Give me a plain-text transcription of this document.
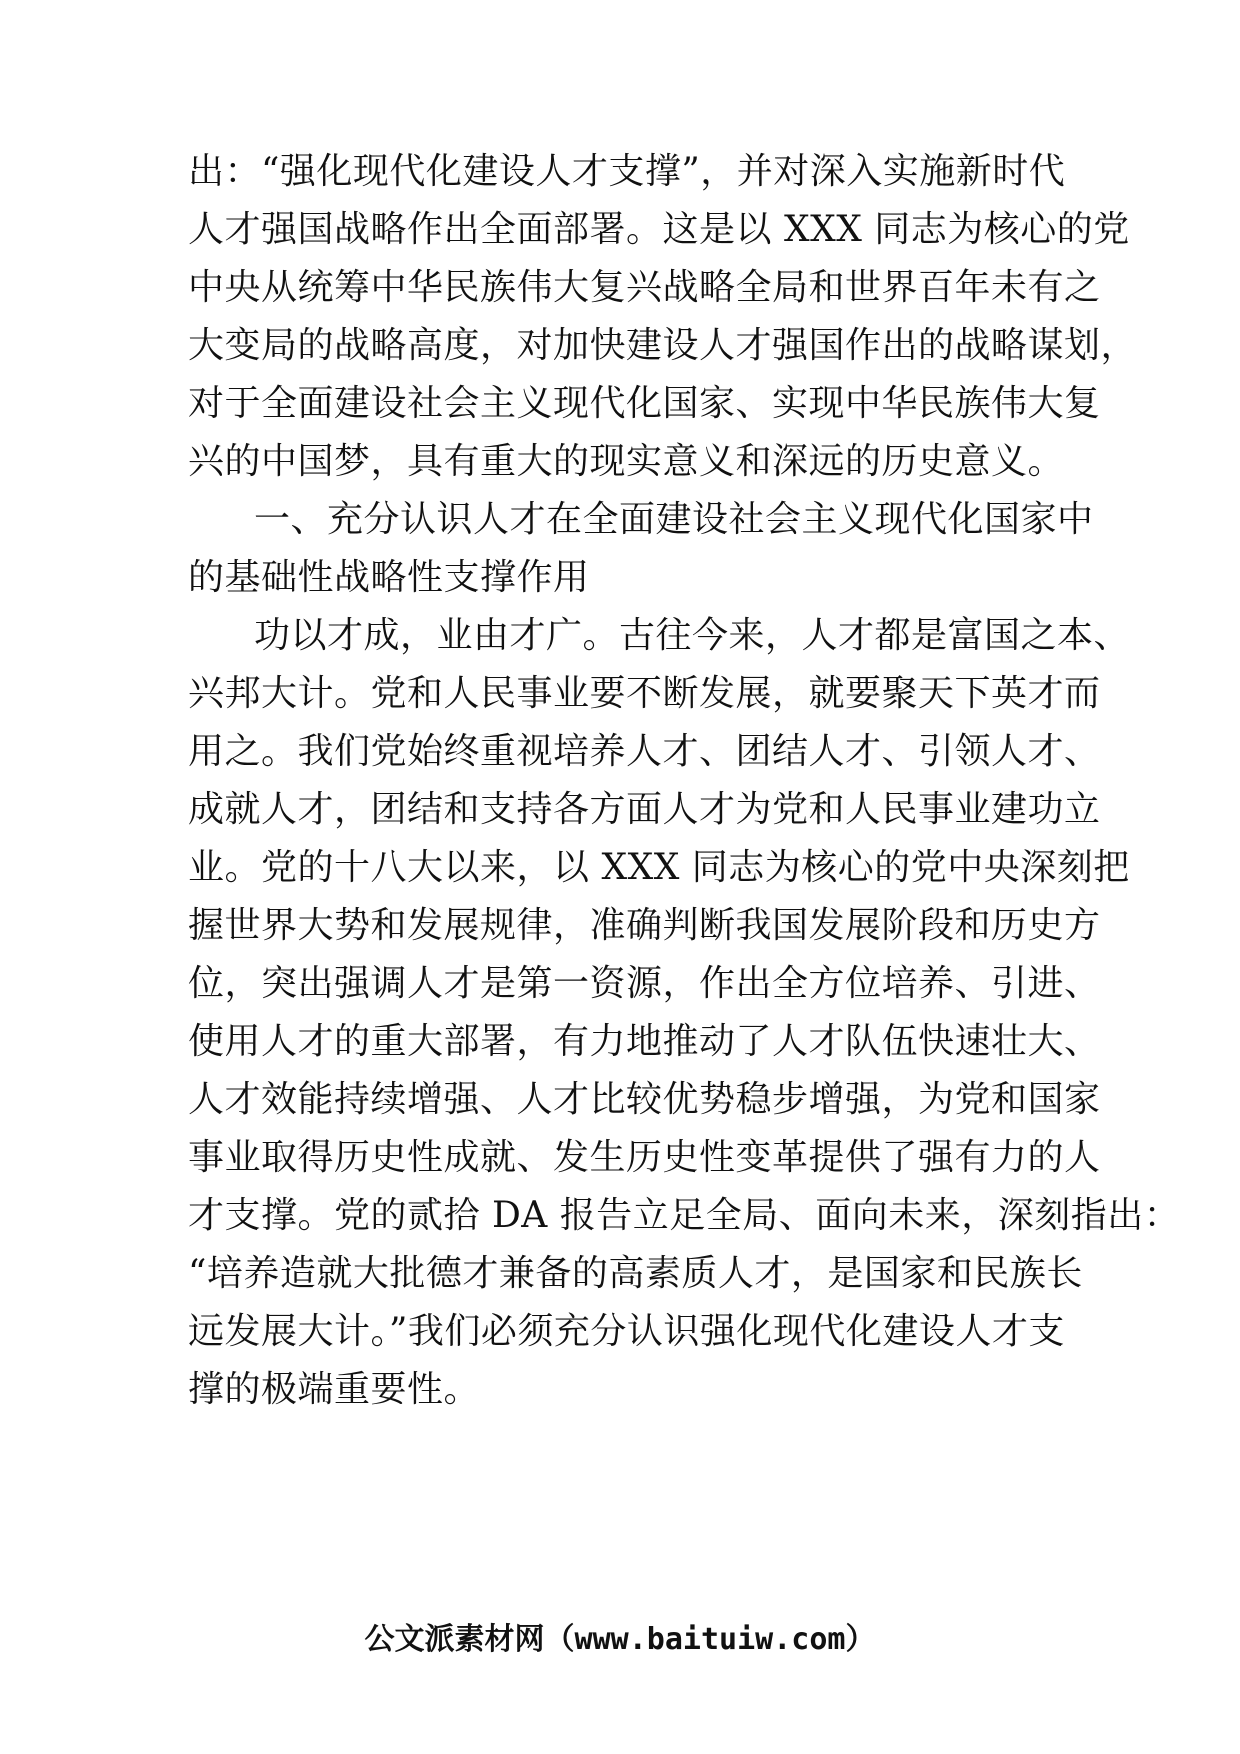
出：“强化现代化建设人才支撑”，并对深入实施新时代
人才强国战略作出全面部署。这是以 XXX 同志为核心的党
中央从统筹中华民族伟大复兴战略全局和世界百年未有之
大变局的战略高度，对加快建设人才强国作出的战略谋划，
对于全面建设社会主义现代化国家、实现中华民族伟大复
兴的中国梦，具有重大的现实意义和深远的历史意义。
一、充分认识人才在全面建设社会主义现代化国家中
的基础性战略性支撑作用
功以才成，业由才广。古往今来，人才都是富国之本、
兴邦大计。党和人民事业要不断发展，就要聚天下英才而
用之。我们党始终重视培养人才、团结人才、引领人才、
成就人才，团结和支持各方面人才为党和人民事业建功立
业。党的十八大以来，以 XXX 同志为核心的党中央深刻把
握世界大势和发展规律，准确判断我国发展阶段和历史方
位，突出强调人才是第一资源，作出全方位培养、引进、
使用人才的重大部署，有力地推动了人才队伍快速壮大、
人才效能持续增强、人才比较优势稳步增强，为党和国家
事业取得历史性成就、发生历史性变革提供了强有力的人
才支撑。党的贰拾 DA 报告立足全局、面向未来，深刻指出：
“培养造就大批德才兼备的高素质人才，是国家和民族长
远发展大计。”我们必须充分认识强化现代化建设人才支
撑的极端重要性。
公文派素材网（www.baituiw.com）
